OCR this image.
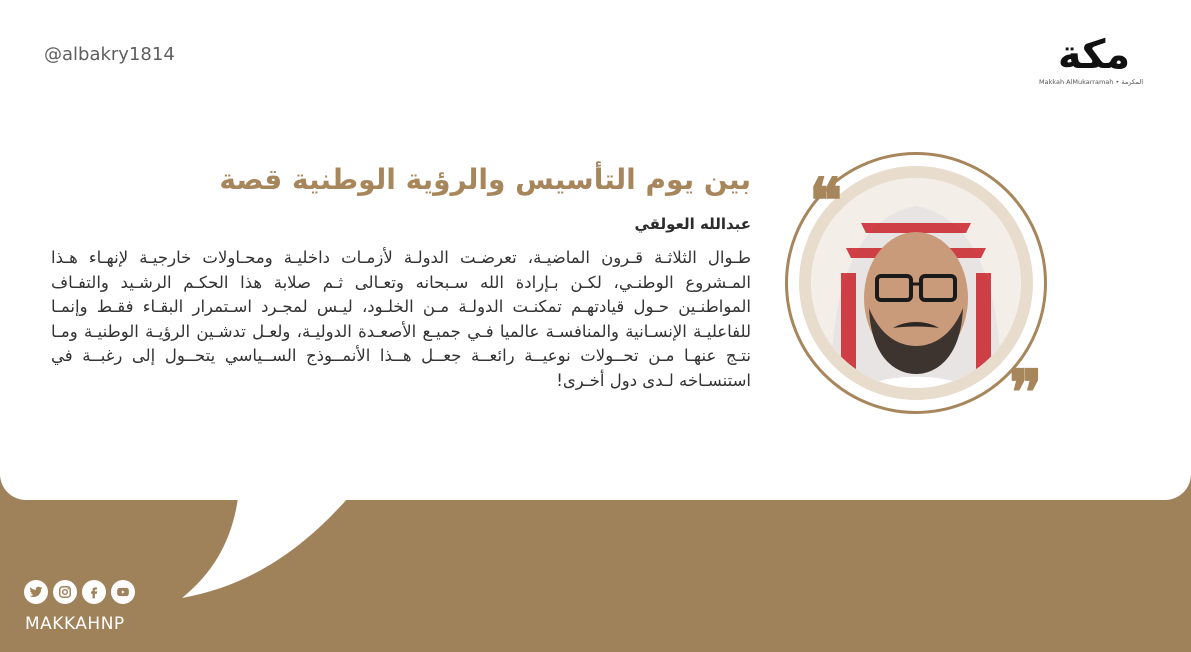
@albakry1814	مكة
Makkah AlMukarramah • المكرمة
بين يوم التأسيس والرؤية الوطنية قصة
عبدالله العولقي
طـوال الثلاثـة قـرون الماضيـة، تعرضـت الدولـة لأزمـات داخليـة ومحـاولات خارجيـة لإنهـاء هـذا المـشروع الوطنـي، لكـن بـإرادة الله سـبحانه وتعـالى ثـم صلابة هذا الحكـم الرشـيد والتفـاف المواطنـين حـول قيادتهـم تمكنـت الدولـة مـن الخلـود، ليـس لمجـرد اسـتمرار البقـاء فقـط وإنمـا للفاعليـة الإنسـانية والمنافسـة عالميا فـي جميـع الأصعـدة الدوليـة، ولعـل تدشـين الرؤيـة الوطنيـة ومـا نتـج عنهـا مـن تحــولات نوعيــة رائعــة جعــل هــذا الأنمــوذج الســياسي يتحــول إلى رغبــة في استنسـاخه لـدى دول أخـرى!
❝
❞
MAKKAHNP
